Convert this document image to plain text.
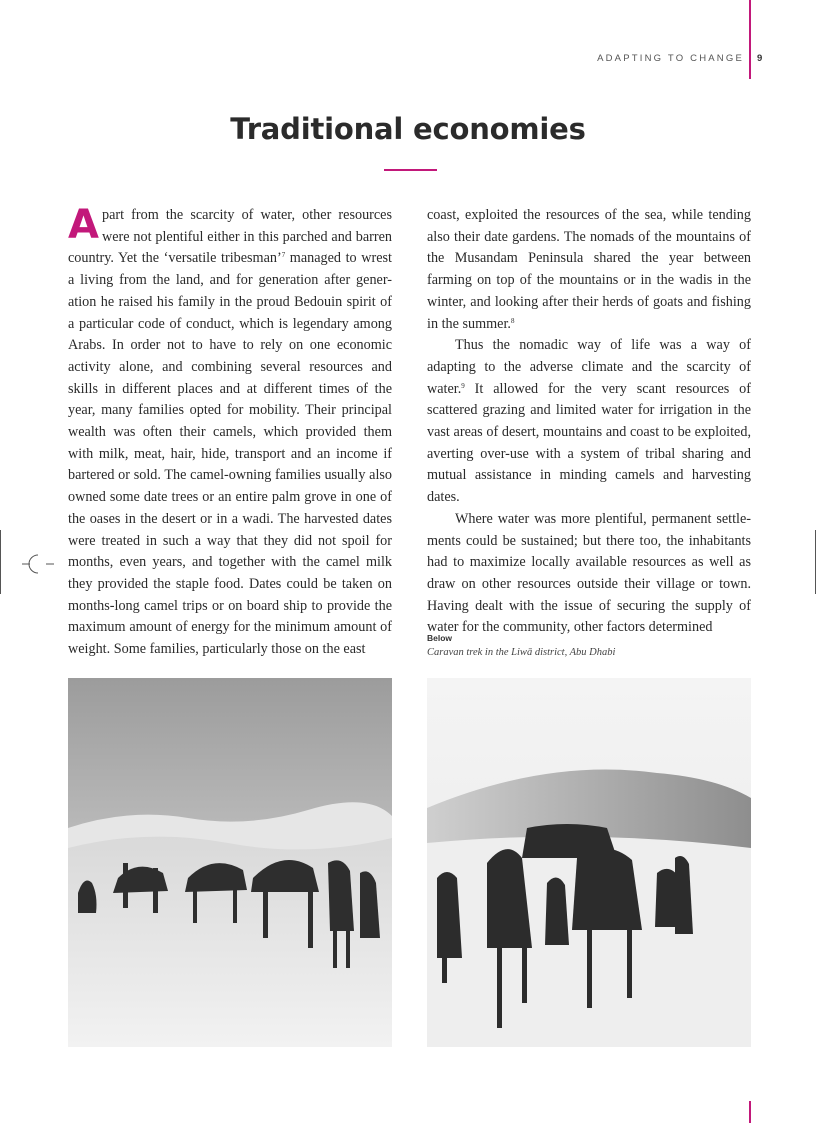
ADAPTING TO CHANGE 9
Traditional economies

Apart from the scarcity of water, other resources were not plentiful either in this parched and barren country. Yet the ‘versatile tribesman’$^7$ managed to wrest a living from the land, and for generation after gener-ation he raised his family in the proud Bedouin spirit of a particular code of conduct, which is legendary among Arabs. In order not to have to rely on one economic activity alone, and combining several resources and skills in different places and at different times of the year, many families opted for mobility. Their principal wealth was often their camels, which provided them with milk, meat, hair, hide, transport and an income if bartered or sold. The camel-owning families usually also owned some date trees or an entire palm grove in one of the oases in the desert or in a wadi. The harvested dates were treated in such a way that they did not spoil for months, even years, and together with the camel milk they provided the staple food. Dates could be taken on months-long camel trips or on board ship to provide the maximum amount of energy for the minimum amount of weight. Some families, particularly those on the east

coast, exploited the resources of the sea, while tending also their date gardens. The nomads of the mountains of the Musandam Peninsula shared the year between farming on top of the mountains or in the wadis in the winter, and looking after their herds of goats and fishing in the summer.$^8$

Thus the nomadic way of life was a way of adapting to the adverse climate and the scarcity of water.$^9$ It allowed for the very scant resources of scattered grazing and limited water for irrigation in the vast areas of desert, mountains and coast to be exploited, averting over-use with a system of tribal sharing and mutual assistance in minding camels and harvesting dates.

Where water was more plentiful, permanent settle-ments could be sustained; but there too, the inhabitants had to maximize locally available resources as well as draw on other resources outside their village or town. Having dealt with the issue of securing the supply of water for the community, other factors determined

Below
Caravan trek in the Liwā district, Abu Dhabi
